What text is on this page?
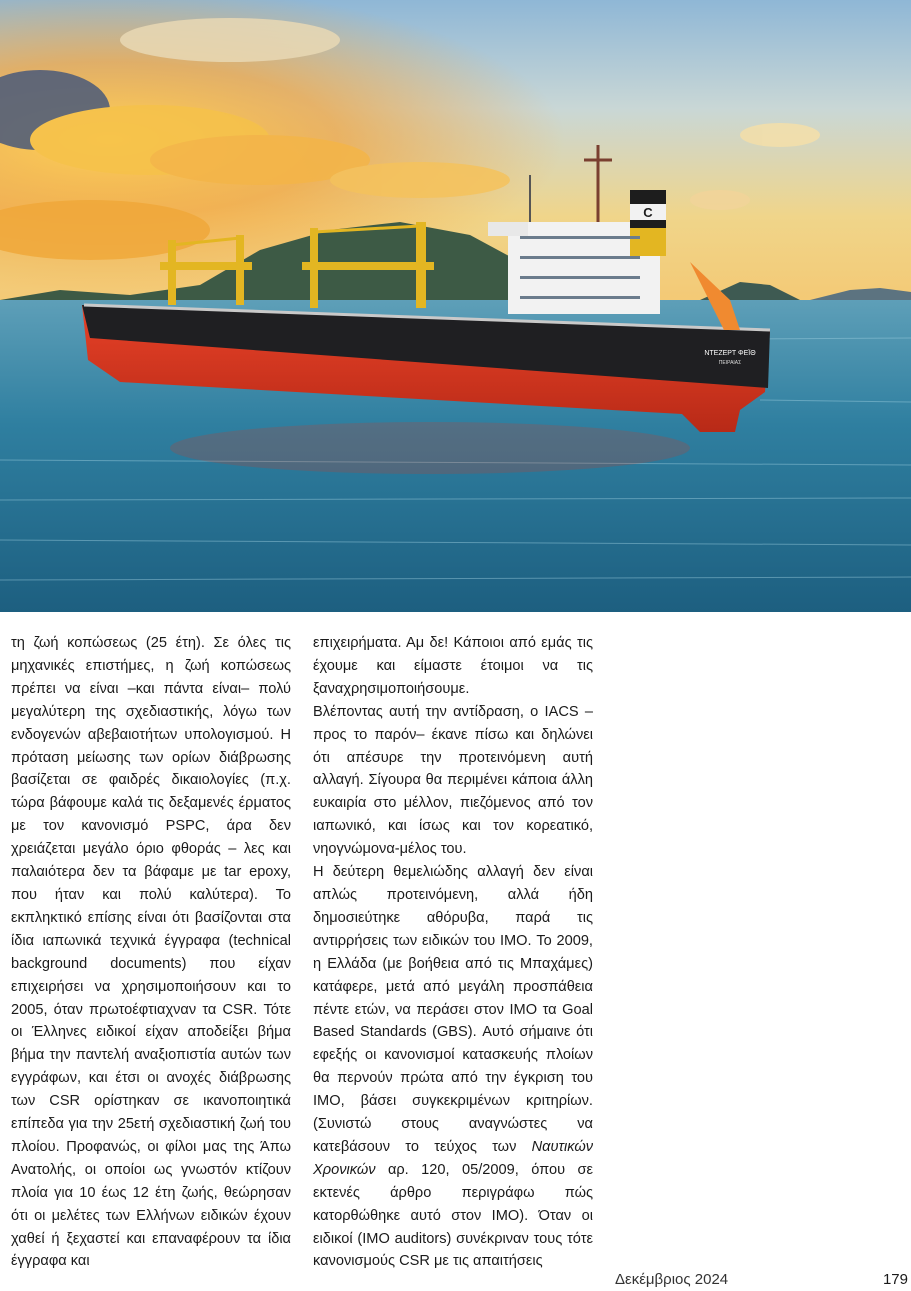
C
ΝΤΕΖΕΡΤ ΦΕΪΘ
ΠΕΙΡΑΙΑΣ

τη ζωή κοπώσεως (25 έτη). Σε όλες τις μηχανικές επιστήμες, η ζωή κοπώσεως πρέπει να είναι –και πάντα είναι– πολύ μεγαλύτερη της σχεδιαστικής, λόγω των ενδογενών αβεβαιοτήτων υπολογισμού. Η πρόταση μείωσης των ορίων διάβρωσης βασίζεται σε φαιδρές δικαιολογίες (π.χ. τώρα βάφουμε καλά τις δεξαμενές έρματος με τον κανονισμό PSPC, άρα δεν χρειάζεται μεγάλο όριο φθοράς – λες και παλαιότερα δεν τα βάφαμε με tar epoxy, που ήταν και πολύ καλύτερα). Το εκπληκτικό επίσης είναι ότι βασίζονται στα ίδια ιαπωνικά τεχνικά έγγραφα (technical background documents) που είχαν επιχειρήσει να χρησιμοποιήσουν και το 2005, όταν πρωτοέφτιαχναν τα CSR. Τότε οι Έλληνες ειδικοί είχαν αποδείξει βήμα βήμα την παντελή αναξιοπιστία αυτών των εγγράφων, και έτσι οι ανοχές διάβρωσης των CSR ορίστηκαν σε ικανοποιητικά επίπεδα για την 25ετή σχεδιαστική ζωή του πλοίου. Προφανώς, οι φίλοι μας της Άπω Ανατολής, οι οποίοι ως γνωστόν κτίζουν πλοία για 10 έως 12 έτη ζωής, θεώρησαν ότι οι μελέτες των Ελλήνων ειδικών έχουν χαθεί ή ξεχαστεί και επαναφέρουν τα ίδια έγγραφα και

επιχειρήματα. Αμ δε! Κάποιοι από εμάς τις έχουμε και είμαστε έτοιμοι να τις ξαναχρησιμοποιήσουμε.

Βλέποντας αυτή την αντίδραση, ο IACS –προς το παρόν– έκανε πίσω και δηλώνει ότι απέσυρε την προτεινόμενη αυτή αλλαγή. Σίγουρα θα περιμένει κάποια άλλη ευκαιρία στο μέλλον, πιεζόμενος από τον ιαπωνικό, και ίσως και τον κορεατικό, νηογνώμονα-μέλος του.

Η δεύτερη θεμελιώδης αλλαγή δεν είναι απλώς προτεινόμενη, αλλά ήδη δημοσιεύτηκε αθόρυβα, παρά τις αντιρρήσεις των ειδικών του IMO. Το 2009, η Ελλάδα (με βοήθεια από τις Μπαχάμες) κατάφερε, μετά από μεγάλη προσπάθεια πέντε ετών, να περάσει στον IMO τα Goal Based Standards (GBS). Αυτό σήμαινε ότι εφεξής οι κανονισμοί κατασκευής πλοίων θα περνούν πρώτα από την έγκριση του IMO, βάσει συγκεκριμένων κριτηρίων. (Συνιστώ στους αναγνώστες να κατεβάσουν το τεύχος των Ναυτικών Χρονικών αρ. 120, 05/2009, όπου σε εκτενές άρθρο περιγράφω πώς κατορθώθηκε αυτό στον IMO). Όταν οι ειδικοί (IMO auditors) συνέκριναν τους τότε κανονισμούς CSR με τις απαιτήσεις

Δεκέμβριος 2024	179
